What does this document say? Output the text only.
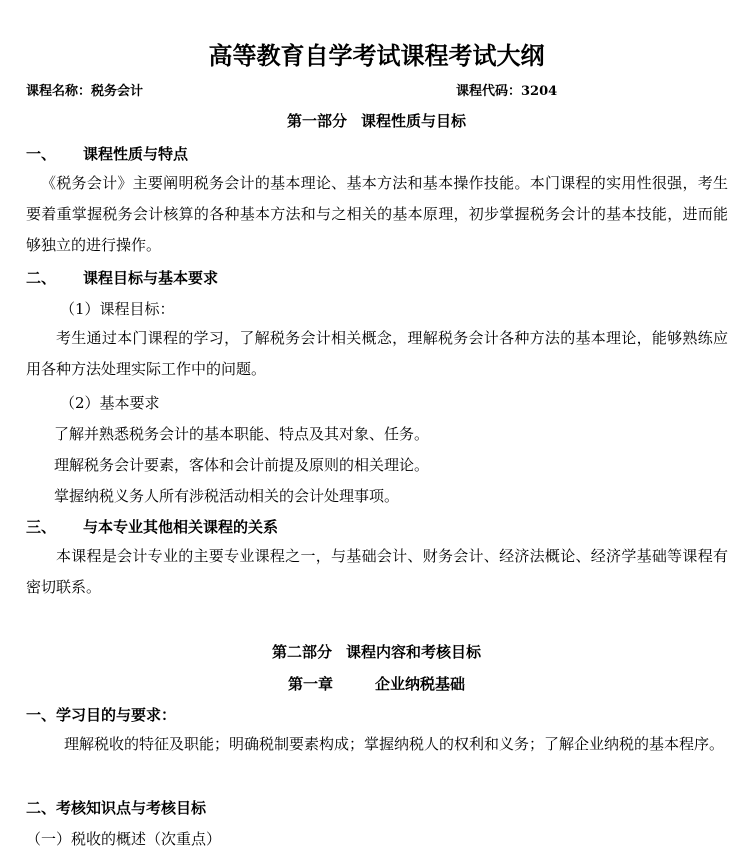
高等教育自学考试课程考试大纲
课程名称：税务会计	课程代码：3204
第一部分 课程性质与目标
一、 课程性质与特点
《税务会计》主要阐明税务会计的基本理论、基本方法和基本操作技能。本门课程的实用性很强，考生要着重掌握税务会计核算的各种基本方法和与之相关的基本原理，初步掌握税务会计的基本技能，进而能够独立的进行操作。
二、 课程目标与基本要求
（1）课程目标：
考生通过本门课程的学习，了解税务会计相关概念，理解税务会计各种方法的基本理论，能够熟练应用各种方法处理实际工作中的问题。
（2）基本要求
了解并熟悉税务会计的基本职能、特点及其对象、任务。
理解税务会计要素，客体和会计前提及原则的相关理论。
掌握纳税义务人所有涉税活动相关的会计处理事项。
三、 与本专业其他相关课程的关系
本课程是会计专业的主要专业课程之一，与基础会计、财务会计、经济法概论、经济学基础等课程有密切联系。
第二部分 课程内容和考核目标
第一章	企业纳税基础
一、学习目的与要求：
理解税收的特征及职能；明确税制要素构成；掌握纳税人的权利和义务；了解企业纳税的基本程序。
二、考核知识点与考核目标
（一）税收的概述（次重点）
